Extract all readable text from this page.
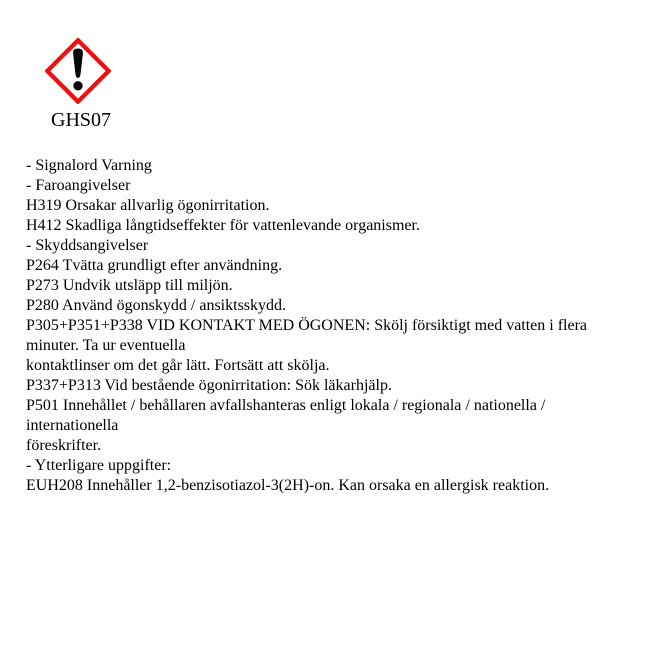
GHS07
- Signalord Varning
- Faroangivelser
H319 Orsakar allvarlig ögonirritation.
H412 Skadliga långtidseffekter för vattenlevande organismer.
- Skyddsangivelser
P264 Tvätta grundligt efter användning.
P273 Undvik utsläpp till miljön.
P280 Använd ögonskydd / ansiktsskydd.
P305+P351+P338 VID KONTAKT MED ÖGONEN: Skölj försiktigt med vatten i flera
minuter. Ta ur eventuella
kontaktlinser om det går lätt. Fortsätt att skölja.
P337+P313 Vid bestående ögonirritation: Sök läkarhjälp.
P501 Innehållet / behållaren avfallshanteras enligt lokala / regionala / nationella /
internationella
föreskrifter.
- Ytterligare uppgifter:
EUH208 Innehåller 1,2-benzisotiazol-3(2H)-on. Kan orsaka en allergisk reaktion.
